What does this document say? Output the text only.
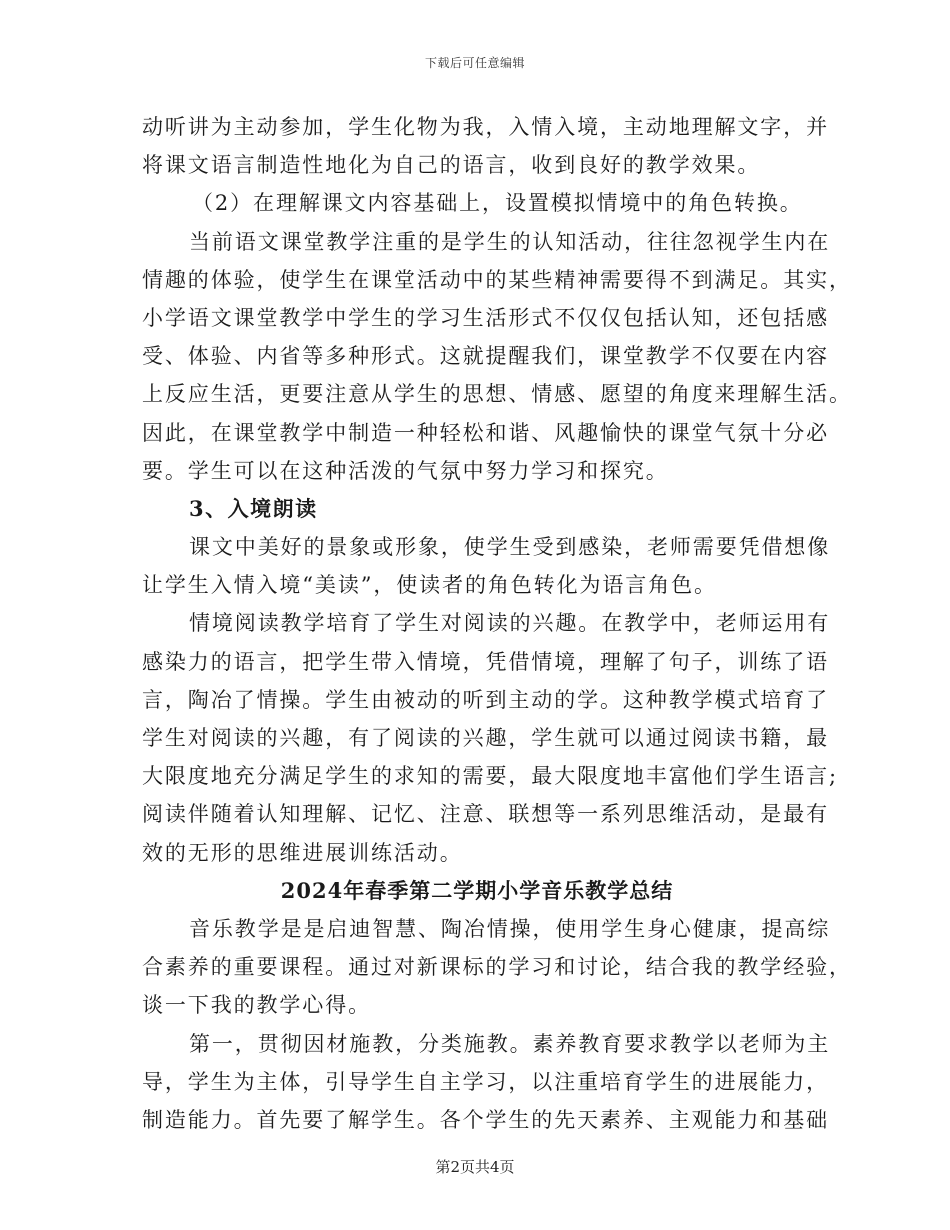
下载后可任意编辑
动听讲为主动参加，学生化物为我，入情入境，主动地理解文字，并
将课文语言制造性地化为自己的语言，收到良好的教学效果。
（2）在理解课文内容基础上，设置模拟情境中的角色转换。
当前语文课堂教学注重的是学生的认知活动，往往忽视学生内在
情趣的体验，使学生在课堂活动中的某些精神需要得不到满足。其实，
小学语文课堂教学中学生的学习生活形式不仅仅包括认知，还包括感
受、体验、内省等多种形式。这就提醒我们，课堂教学不仅要在内容
上反应生活，更要注意从学生的思想、情感、愿望的角度来理解生活。
因此，在课堂教学中制造一种轻松和谐、风趣愉快的课堂气氛十分必
要。学生可以在这种活泼的气氛中努力学习和探究。
3、入境朗读
课文中美好的景象或形象，使学生受到感染，老师需要凭借想像
让学生入情入境“美读”，使读者的角色转化为语言角色。
情境阅读教学培育了学生对阅读的兴趣。在教学中，老师运用有
感染力的语言，把学生带入情境，凭借情境，理解了句子，训练了语
言，陶冶了情操。学生由被动的听到主动的学。这种教学模式培育了
学生对阅读的兴趣，有了阅读的兴趣，学生就可以通过阅读书籍，最
大限度地充分满足学生的求知的需要，最大限度地丰富他们学生语言;
阅读伴随着认知理解、记忆、注意、联想等一系列思维活动，是最有
效的无形的思维进展训练活动。
2024年春季第二学期小学音乐教学总结
音乐教学是是启迪智慧、陶冶情操，使用学生身心健康，提高综
合素养的重要课程。通过对新课标的学习和讨论，结合我的教学经验，
谈一下我的教学心得。
第一，贯彻因材施教，分类施教。素养教育要求教学以老师为主
导，学生为主体，引导学生自主学习，以注重培育学生的进展能力，
制造能力。首先要了解学生。各个学生的先天素养、主观能力和基础
第2页共4页
